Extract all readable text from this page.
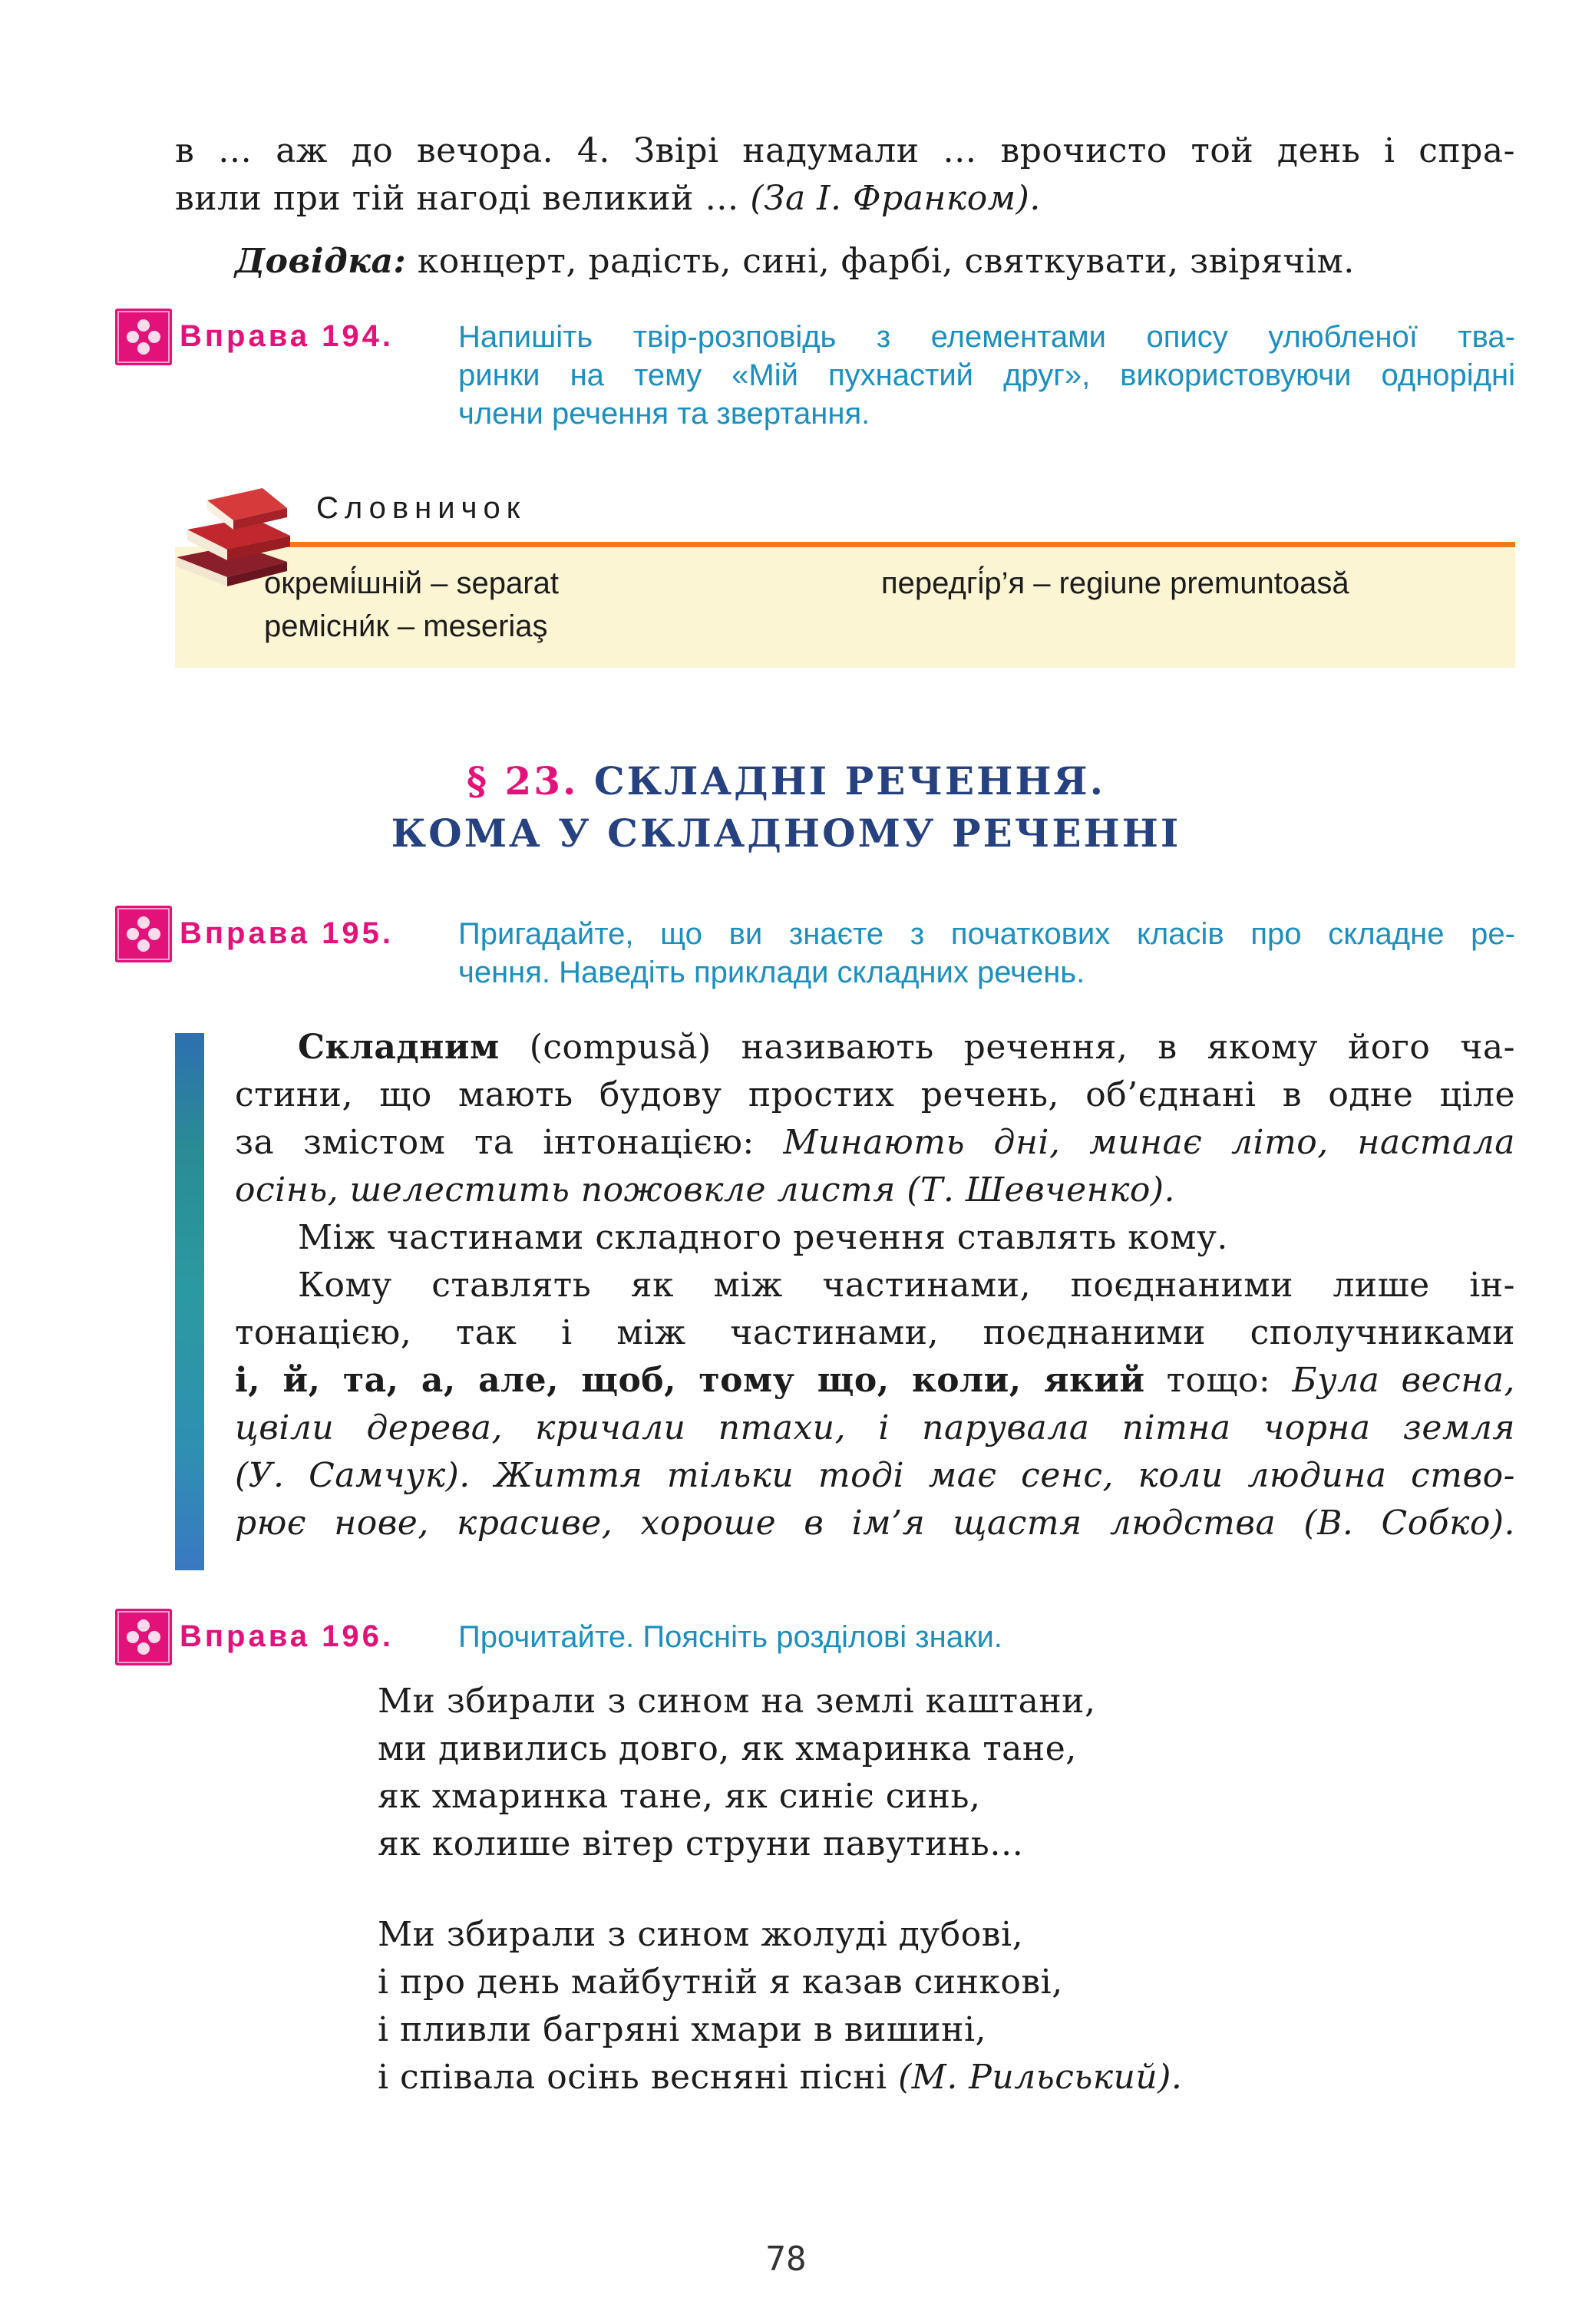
в … аж до вечора. 4. Звірі надумали … врочисто той день і спра-
вили при тій нагоді великий … (За І. Франком).
Довідка: концерт, радість, сині, фарбі, святкувати, звірячім.
Вправа 194. Напишіть твір-розповідь з елементами опису улюбленої тва-
ринки на тему «Мій пухнастий друг», використовуючи однорідні
члени речення та звертання.
Словничок
окремі́шній – separat
ремісни́к – meseriaş
передгі́р’я – regiune premuntoasă
§ 23. СКЛАДНІ РЕЧЕННЯ.
КОМА У СКЛАДНОМУ РЕЧЕННІ
Вправа 195. Пригадайте, що ви знаєте з початкових класів про складне ре-
чення. Наведіть приклади складних речень.
Складним (compusă) називають речення, в якому його ча-
стини, що мають будову простих речень, об’єднані в одне ціле
за змістом та інтонацією: Минають дні, минає літо, настала
осінь, шелестить пожовкле листя (Т. Шевченко).
Між частинами складного речення ставлять кому.
Кому ставлять як між частинами, поєднаними лише ін-
тонацією, так і між частинами, поєднаними сполучниками
і, й, та, а, але, щоб, тому що, коли, який тощо: Була весна,
цвіли дерева, кричали птахи, і парувала пітна чорна земля
(У. Самчук). Життя тільки тоді має сенс, коли людина ство-
рює нове, красиве, хороше в ім’я щастя людства (В. Собко).
Вправа 196. Прочитайте. Поясніть розділові знаки.
Ми збирали з сином на землі каштани,
ми дивились довго, як хмаринка тане,
як хмаринка тане, як синіє синь,
як колише вітер струни павутинь…
Ми збирали з сином жолуді дубові,
і про день майбутній я казав синкові,
і пливли багряні хмари в вишині,
і співала осінь весняні пісні (М. Рильський).
78
